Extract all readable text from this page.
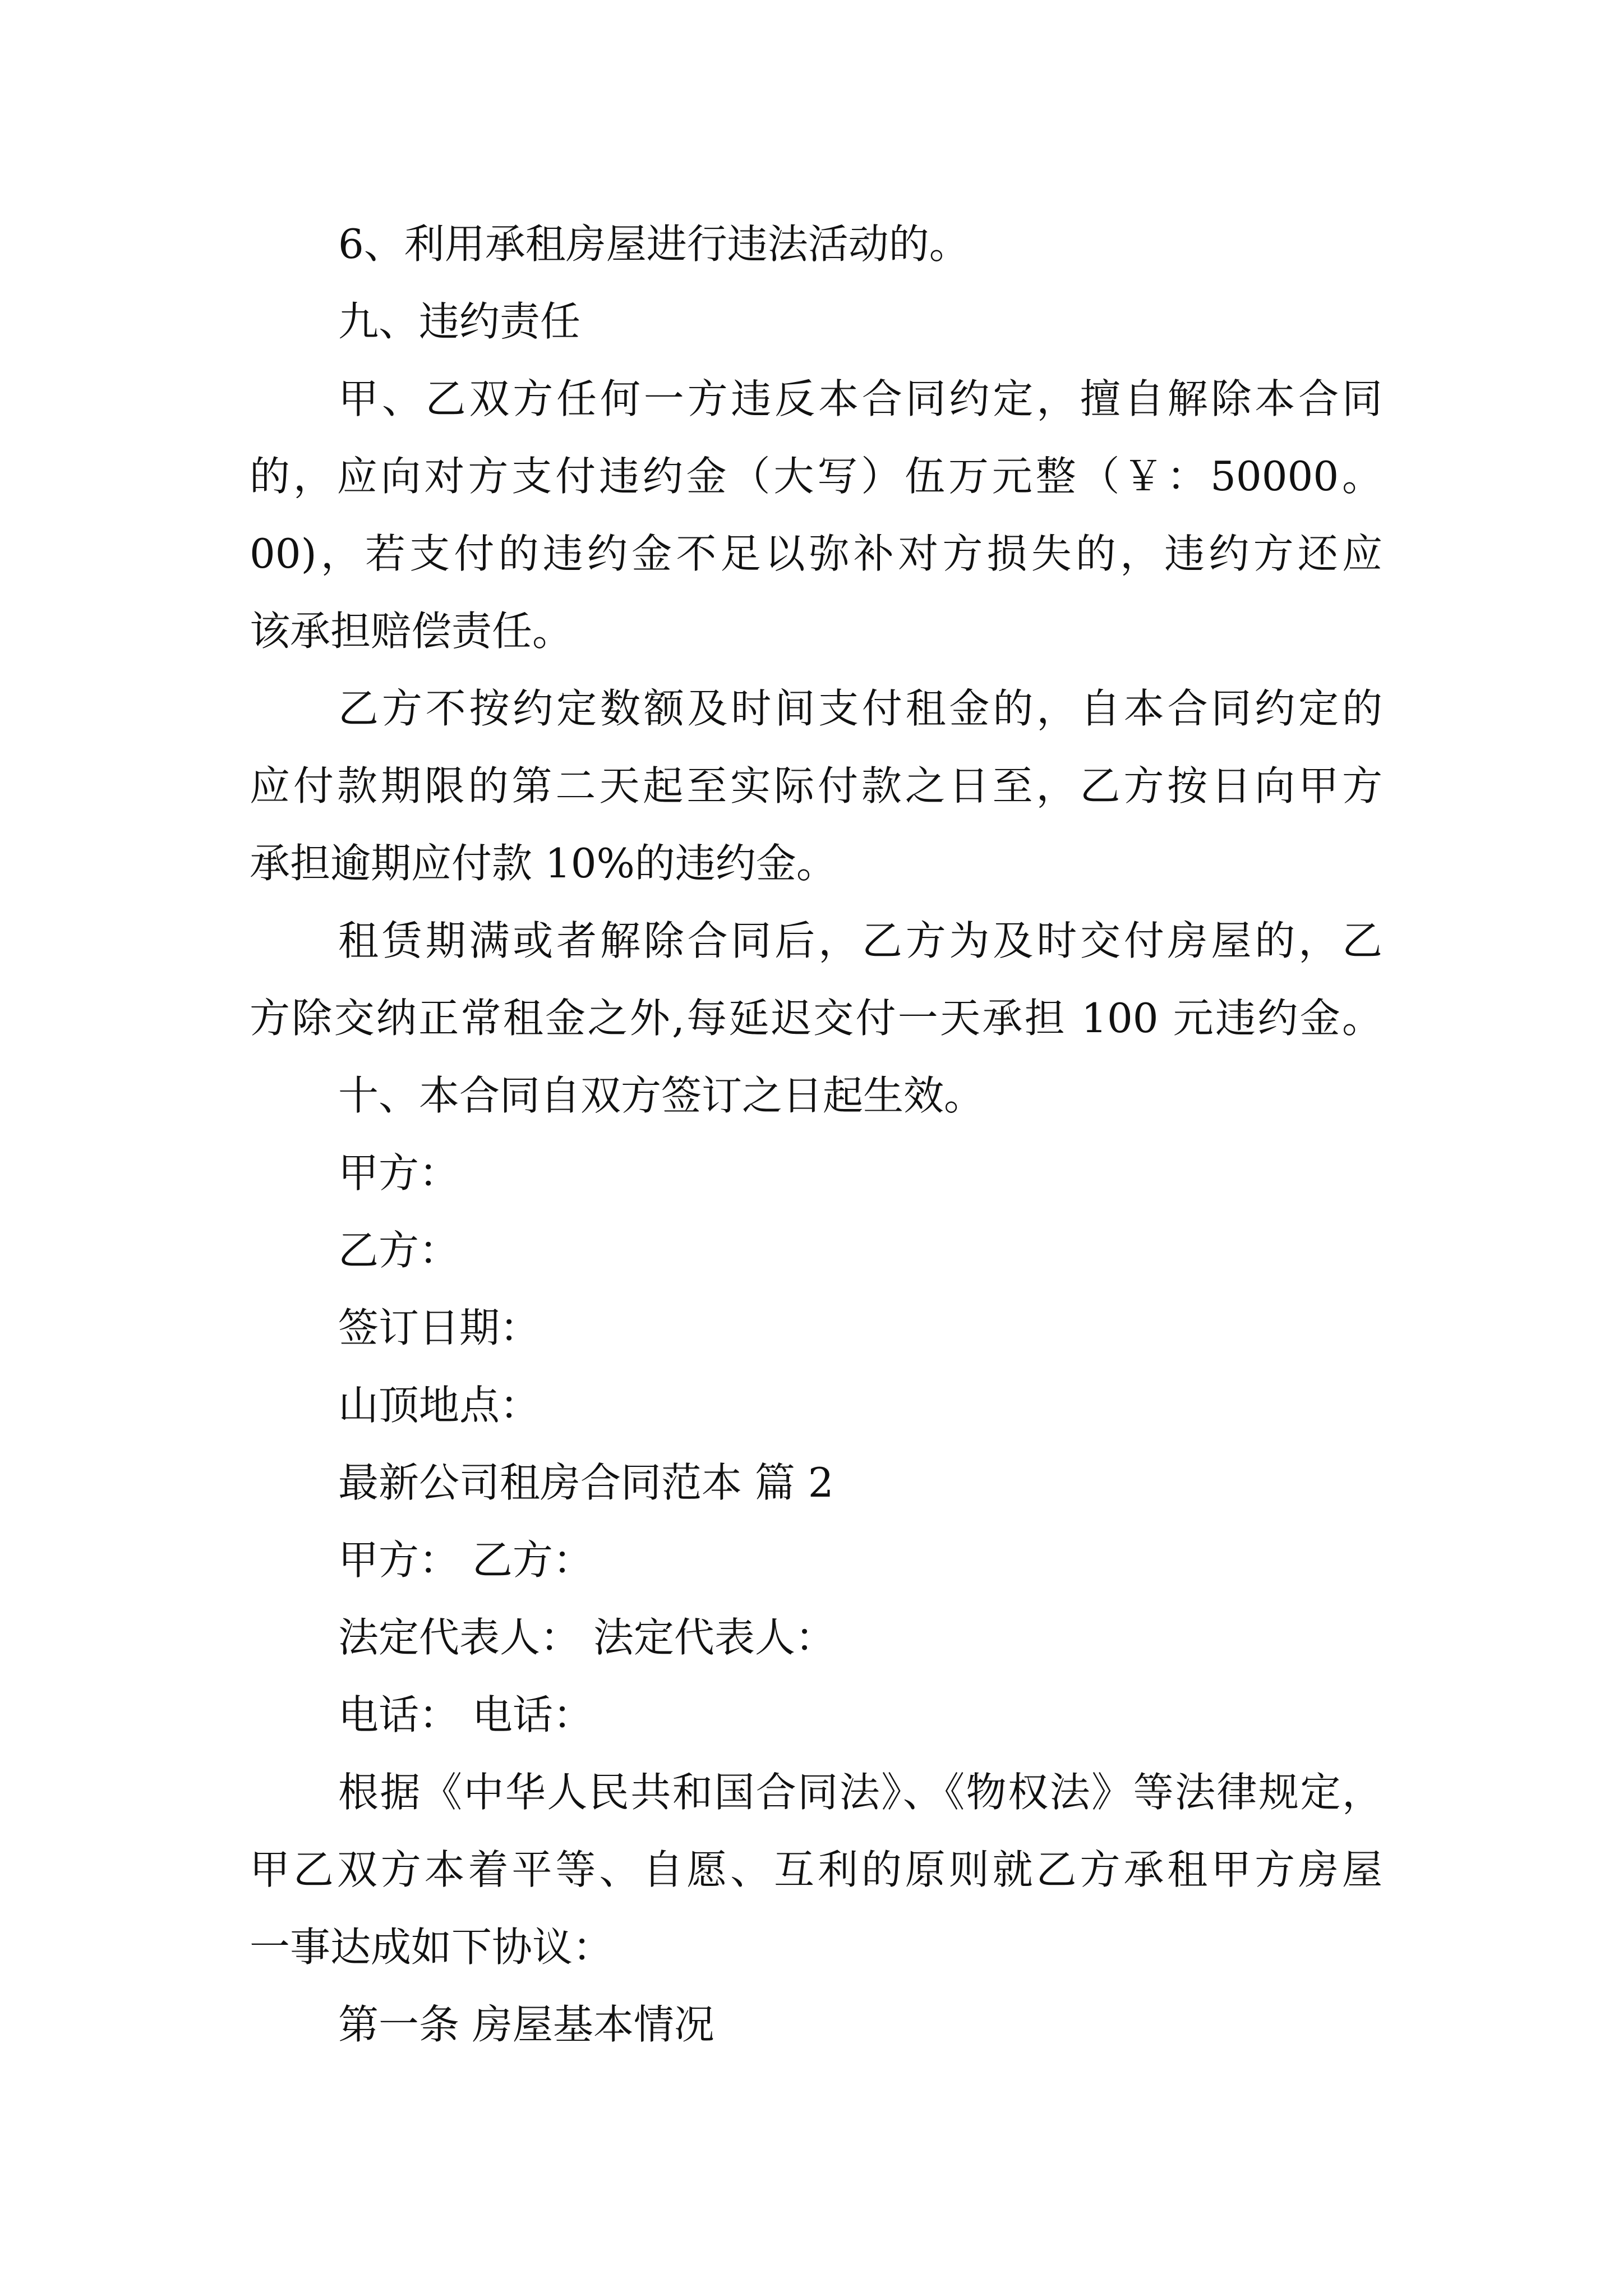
6、利用承租房屋进行违法活动的。
九、违约责任
甲、乙双方任何一方违反本合同约定，擅自解除本合同
的，应向对方支付违约金（大写）伍万元整（￥：50000。
00)，若支付的违约金不足以弥补对方损失的，违约方还应
该承担赔偿责任。
乙方不按约定数额及时间支付租金的，自本合同约定的
应付款期限的第二天起至实际付款之日至，乙方按日向甲方
承担逾期应付款 10%的违约金。
租赁期满或者解除合同后，乙方为及时交付房屋的，乙
方除交纳正常租金之外,每延迟交付一天承担 100 元违约金。
十、本合同自双方签订之日起生效。
甲方：
乙方：
签订日期：
山顶地点：
最新公司租房合同范本 篇 2
甲方： 乙方：
法定代表人： 法定代表人：
电话： 电话：
根据《中华人民共和国合同法》、《物权法》等法律规定，
甲乙双方本着平等、自愿、互利的原则就乙方承租甲方房屋
一事达成如下协议：
第一条 房屋基本情况
